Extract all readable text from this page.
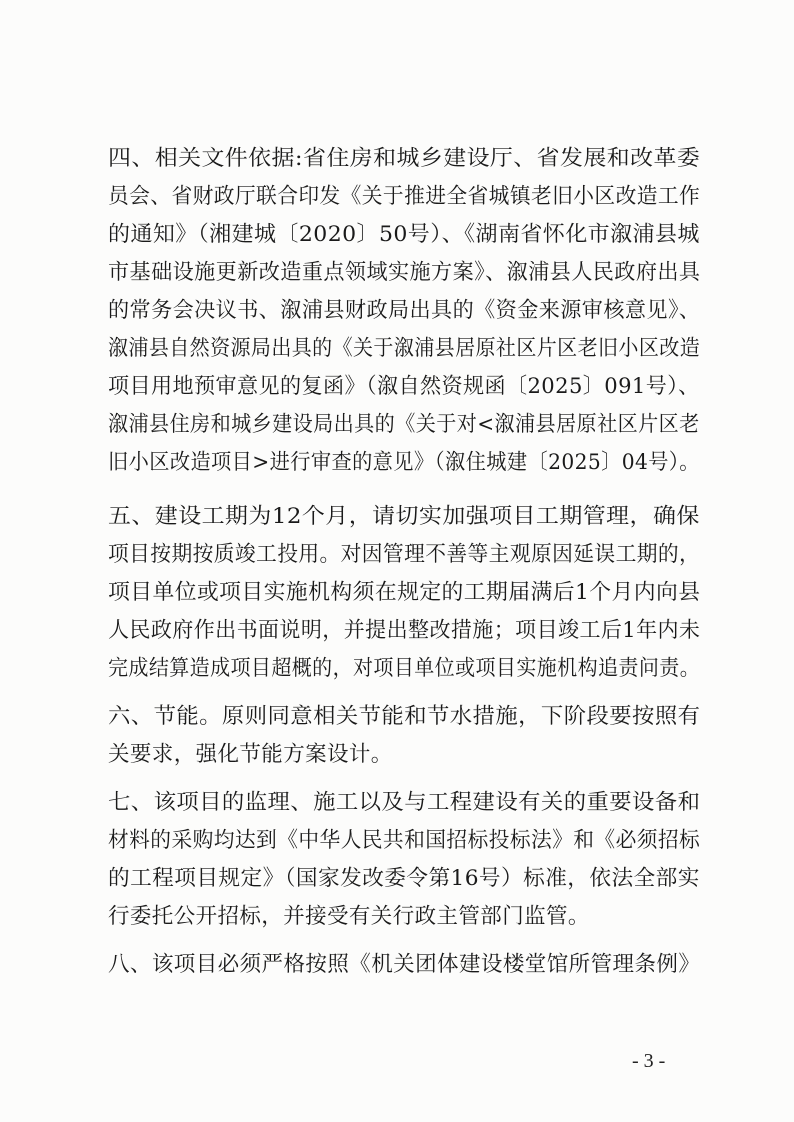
四、相关文件依据:省住房和城乡建设厅、省发展和改革委
员会、省财政厅联合印发《关于推进全省城镇老旧小区改造工作
的通知》（湘建城〔2020〕50号）、《湖南省怀化市溆浦县城
市基础设施更新改造重点领域实施方案》、溆浦县人民政府出具
的常务会决议书、溆浦县财政局出具的《资金来源审核意见》、
溆浦县自然资源局出具的《关于溆浦县居原社区片区老旧小区改造
项目用地预审意见的复函》（溆自然资规函〔2025〕091号）、
溆浦县住房和城乡建设局出具的《关于对<溆浦县居原社区片区老
旧小区改造项目>进行审查的意见》（溆住城建〔2025〕04号）。
五、建设工期为12个月，请切实加强项目工期管理，确保
项目按期按质竣工投用。对因管理不善等主观原因延误工期的，
项目单位或项目实施机构须在规定的工期届满后1个月内向县
人民政府作出书面说明，并提出整改措施；项目竣工后1年内未
完成结算造成项目超概的，对项目单位或项目实施机构追责问责。
六、节能。原则同意相关节能和节水措施，下阶段要按照有
关要求，强化节能方案设计。
七、该项目的监理、施工以及与工程建设有关的重要设备和
材料的采购均达到《中华人民共和国招标投标法》和《必须招标
的工程项目规定》（国家发改委令第16号）标准，依法全部实
行委托公开招标，并接受有关行政主管部门监管。
八、该项目必须严格按照《机关团体建设楼堂馆所管理条例》
- 3 -
